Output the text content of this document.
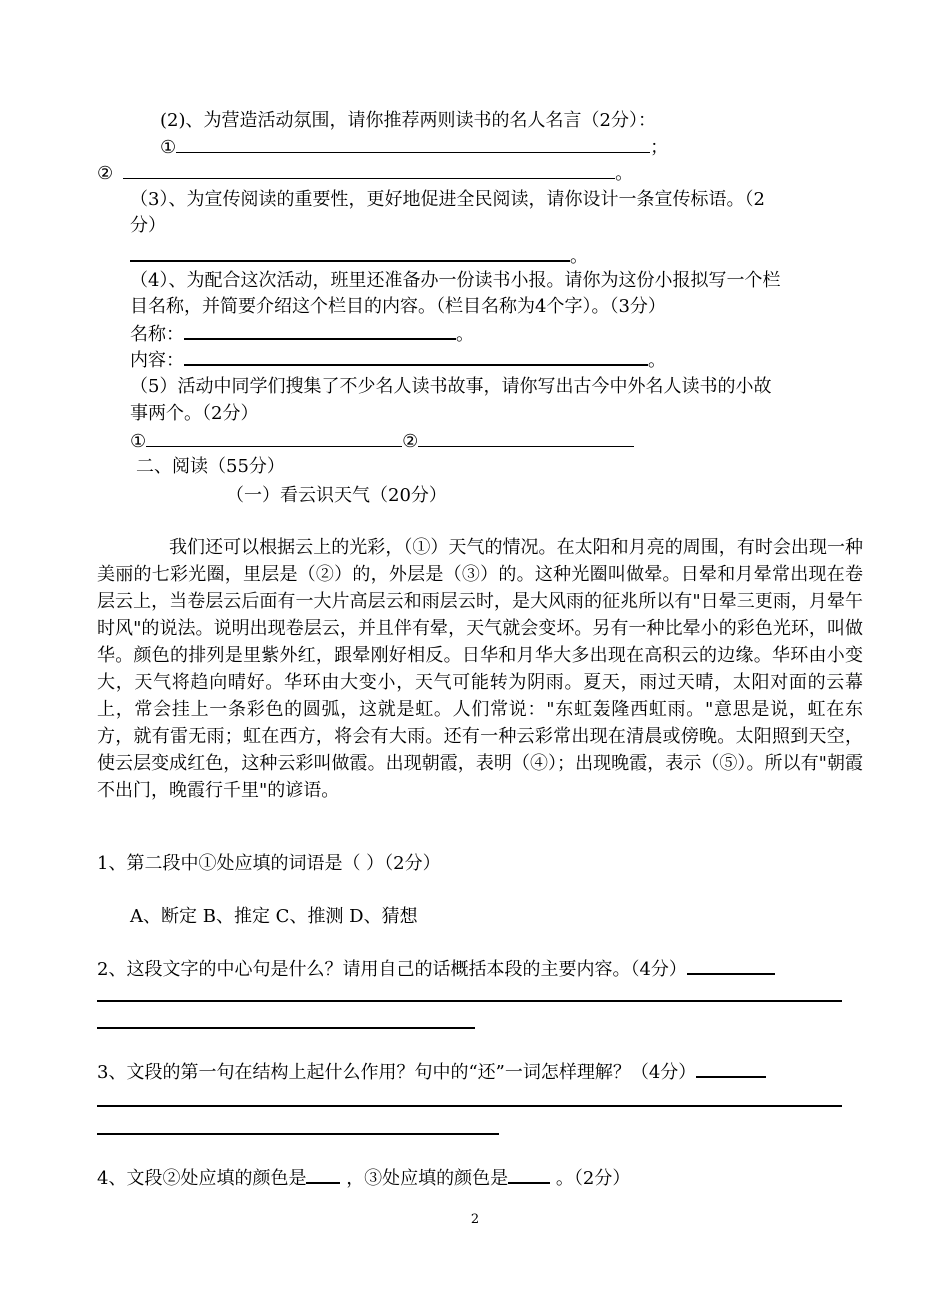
(2)、为营造活动氛围，请你推荐两则读书的名人名言（2分）：
①	；
②	。
（3）、为宣传阅读的重要性，更好地促进全民阅读，请你设计一条宣传标语。（2
分）
。
（4）、为配合这次活动，班里还准备办一份读书小报。请你为这份小报拟写一个栏
目名称，并简要介绍这个栏目的内容。（栏目名称为4个字）。（3分）
名称：	。
内容：	。
（5）活动中同学们搜集了不少名人读书故事，请你写出古今中外名人读书的小故
事两个。（2分）
①	②
二、阅读（55分）
（一）看云识天气（20分）
我们还可以根据云上的光彩，（①）天气的情况。在太阳和月亮的周围，有时会出现一种美丽的七彩光圈，里层是（②）的，外层是（③）的。这种光圈叫做晕。日晕和月晕常出现在卷层云上，当卷层云后面有一大片高层云和雨层云时，是大风雨的征兆所以有"日晕三更雨，月晕午时风"的说法。说明出现卷层云，并且伴有晕，天气就会变坏。另有一种比晕小的彩色光环，叫做华。颜色的排列是里紫外红，跟晕刚好相反。日华和月华大多出现在高积云的边缘。华环由小变大，天气将趋向晴好。华环由大变小，天气可能转为阴雨。夏天，雨过天晴，太阳对面的云幕上，常会挂上一条彩色的圆弧，这就是虹。人们常说："东虹轰隆西虹雨。"意思是说，虹在东方，就有雷无雨；虹在西方，将会有大雨。还有一种云彩常出现在清晨或傍晚。太阳照到天空，使云层变成红色，这种云彩叫做霞。出现朝霞，表明（④）；出现晚霞，表示（⑤）。所以有"朝霞不出门，晚霞行千里"的谚语。
1、第二段中①处应填的词语是（ ）（2分）
A、断定 B、推定 C、推测 D、猜想
2、这段文字的中心句是什么？请用自己的话概括本段的主要内容。（4分）
3、文段的第一句在结构上起什么作用？句中的“还”一词怎样理解？（4分）
4、文段②处应填的颜色是 ，③处应填的颜色是	。（2分）
2
